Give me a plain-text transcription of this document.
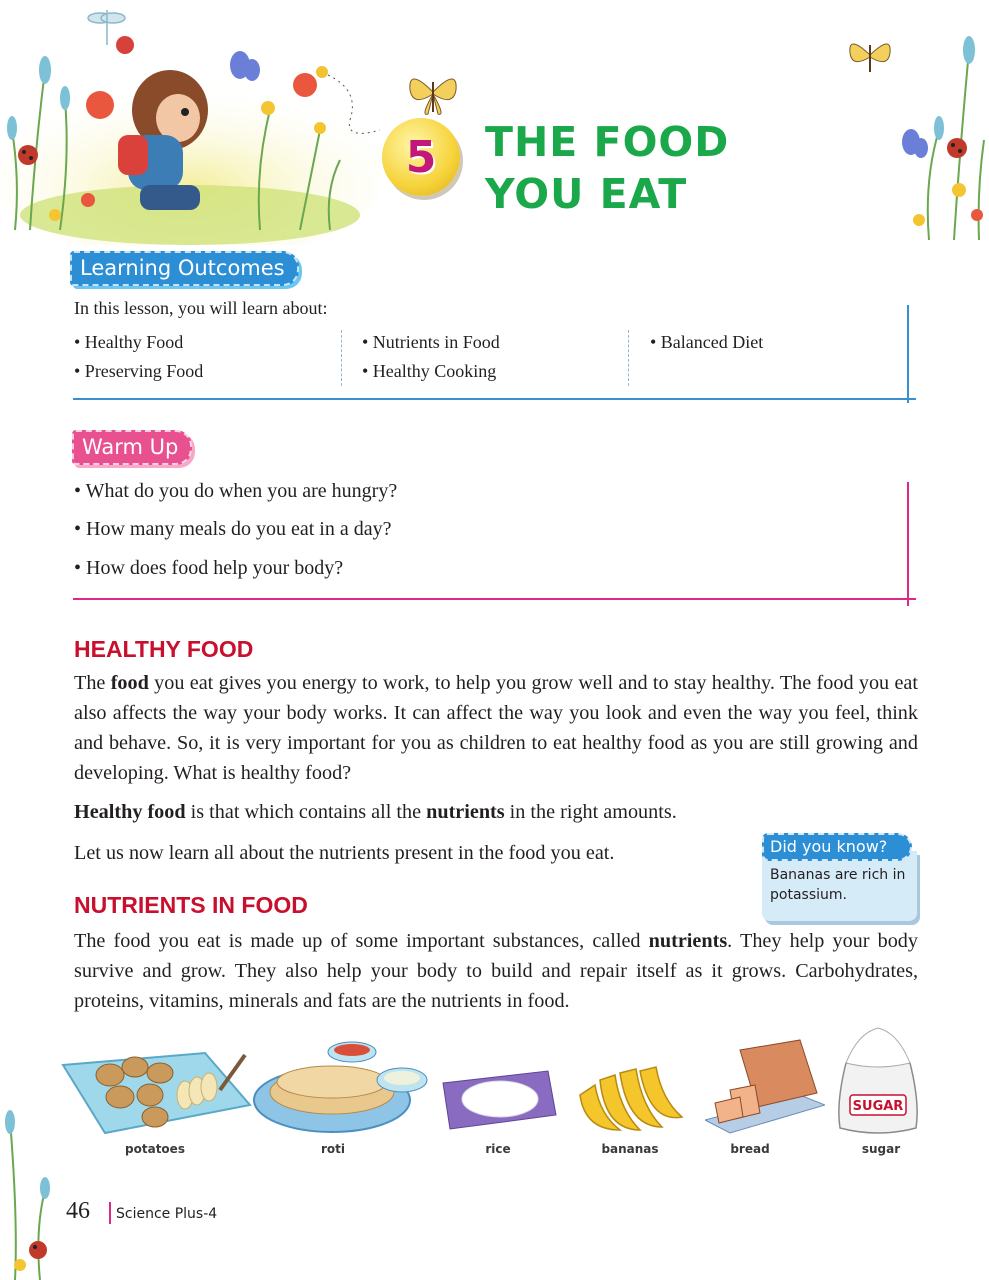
5 THE FOOD
YOU EAT
Learning Outcomes
In this lesson, you will learn about:
• Healthy Food
• Preserving Food
• Nutrients in Food
• Healthy Cooking
• Balanced Diet
Warm Up
• What do you do when you are hungry?
• How many meals do you eat in a day?
• How does food help your body?
HEALTHY FOOD

The food you eat gives you energy to work, to help you grow well and to stay healthy. The food you eat also affects the way your body works. It can affect the way you look and even the way you feel, think and behave. So, it is very important for you as children to eat healthy food as you are still growing and developing. What is healthy food?

Healthy food is that which contains all the nutrients in the right amounts.

Let us now learn all about the nutrients present in the food you eat.

Bananas are rich in potassium.
Did you know?
NUTRIENTS IN FOOD

The food you eat is made up of some important substances, called nutrients. They help your body survive and grow. They also help your body to build and repair itself as it grows. Carbohydrates, proteins, vitamins, minerals and fats are the nutrients in food.

SUGAR
potatoes	roti	rice	bananas	bread	sugar
46 Science Plus-4
